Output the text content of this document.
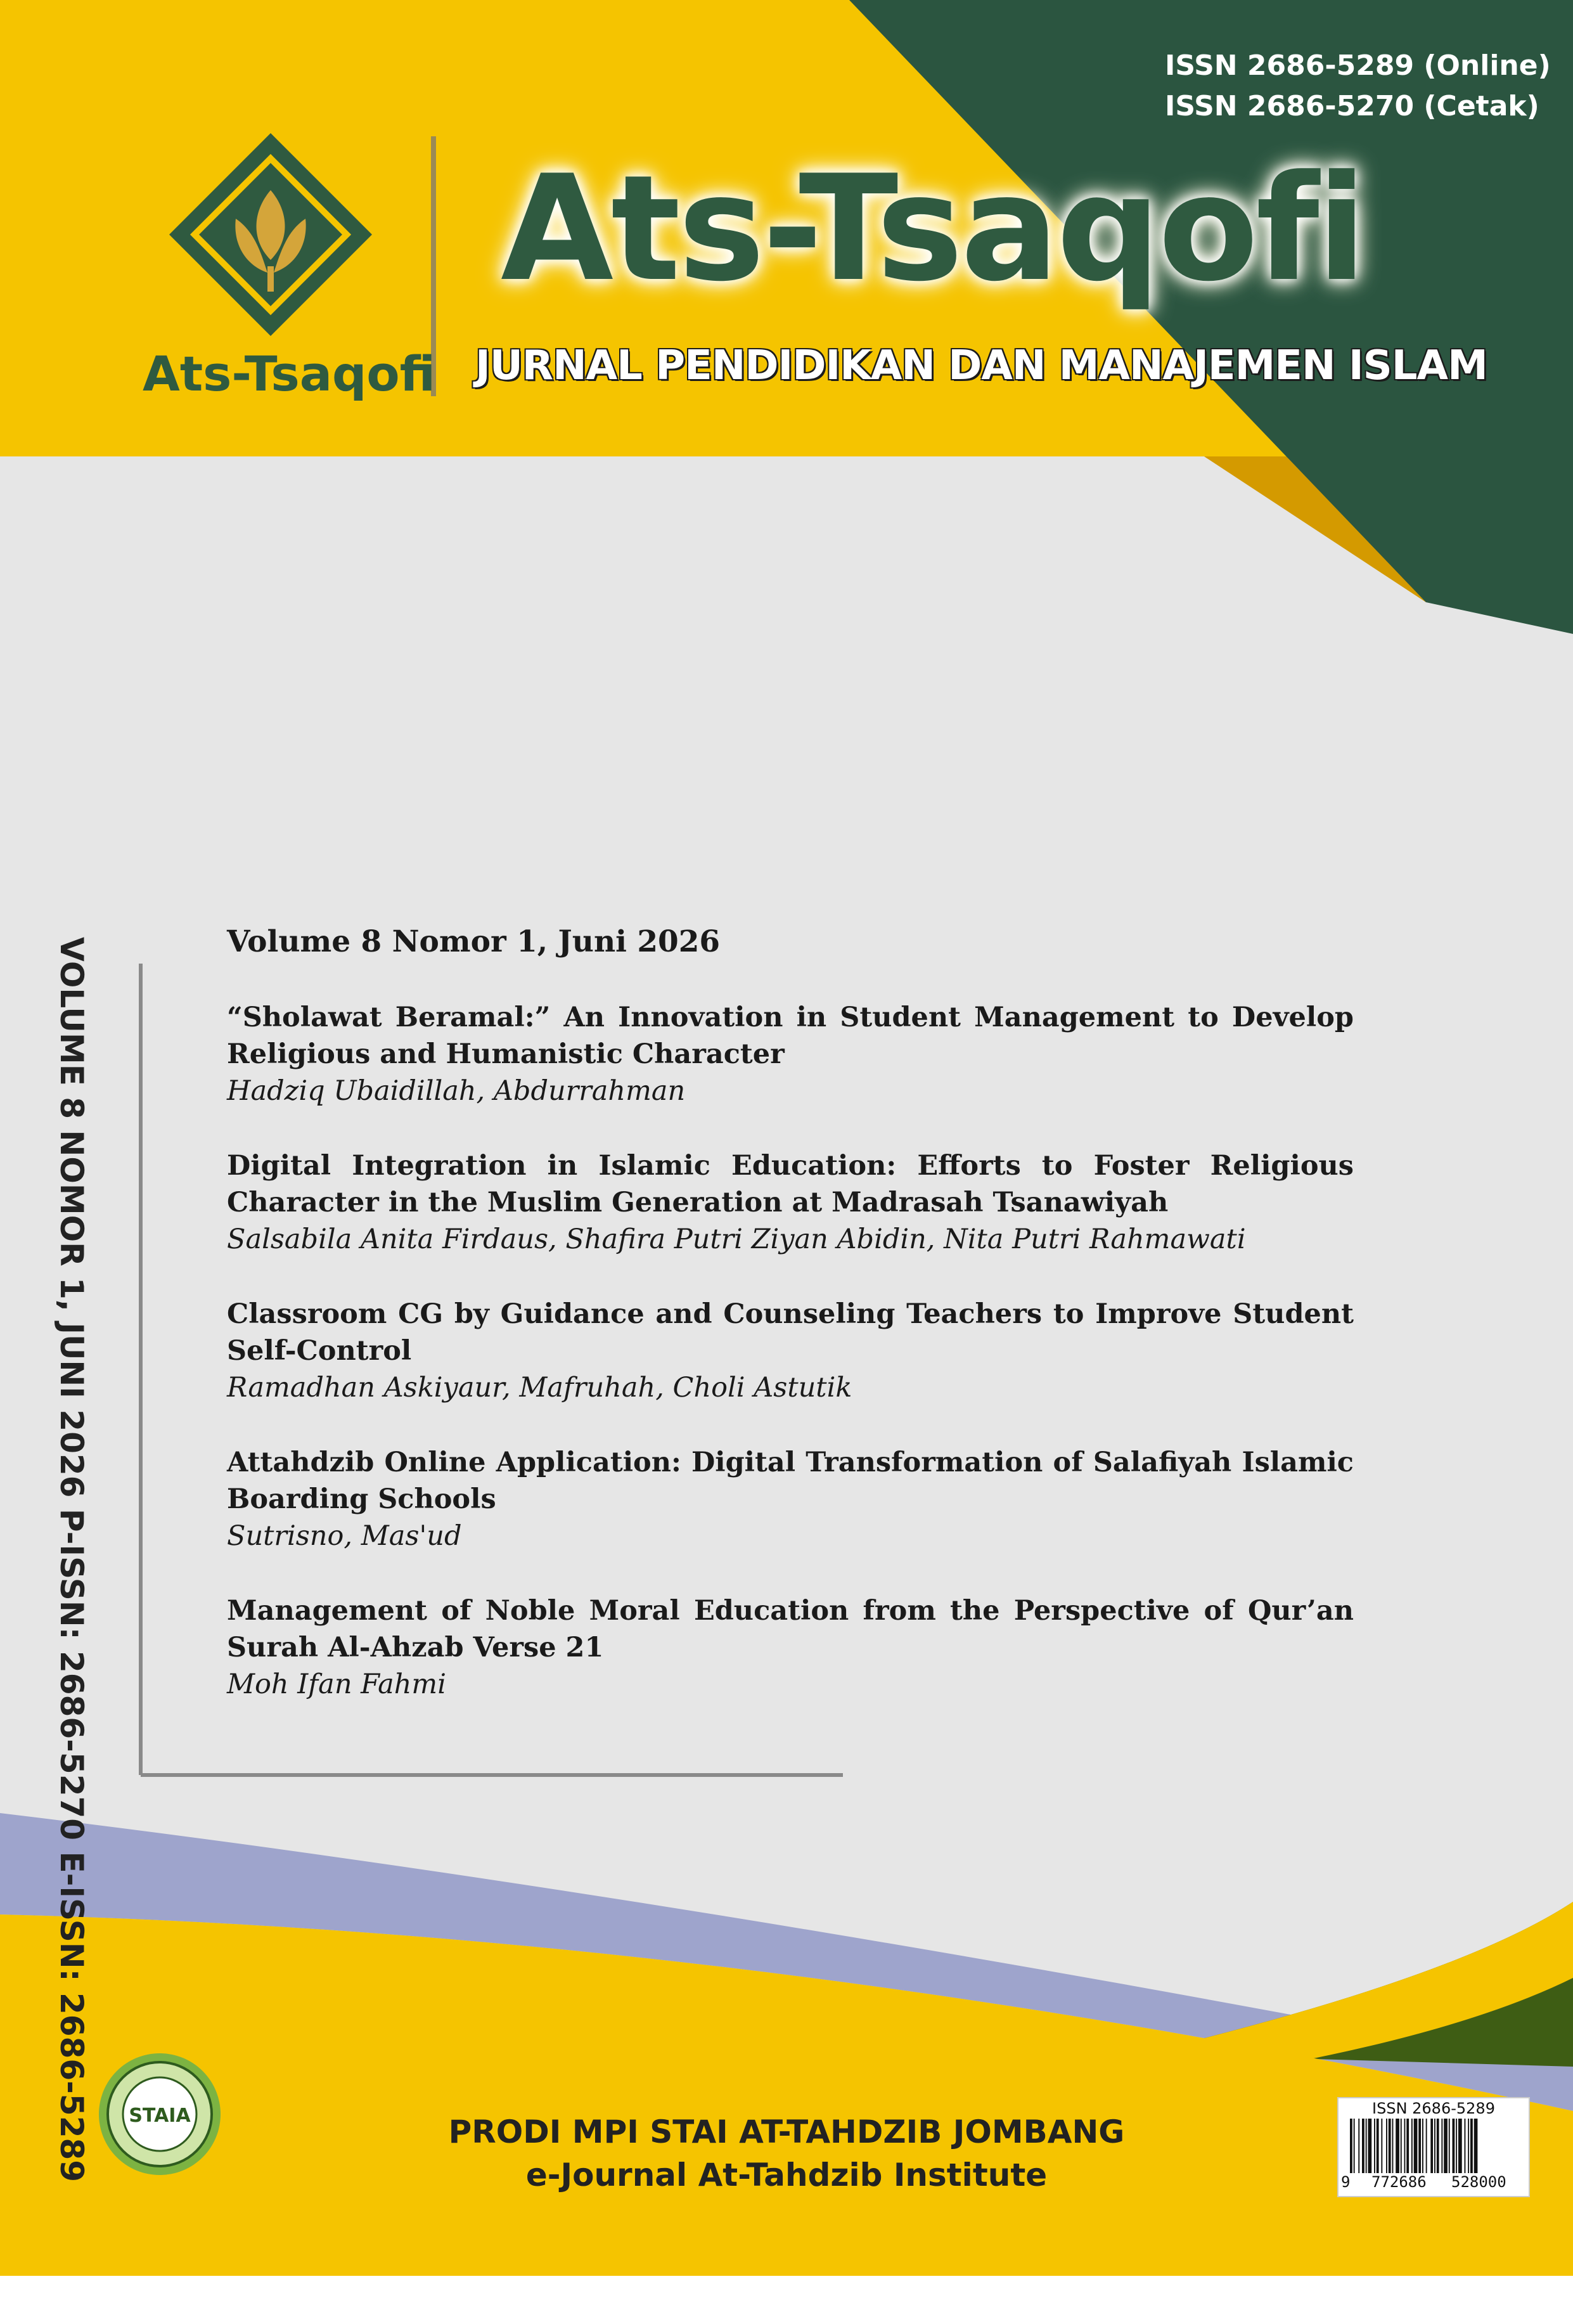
Ats-Tsaqofi
ISSN 2686-5289 (Online)
ISSN 2686-5270 (Cetak)
Ats-Tsaqofi
JURNAL PENDIDIKAN DAN MANAJEMEN ISLAM
VOLUME 8 NOMOR 1, JUNI 2026 P-ISSN: 2686-5270 E-ISSN: 2686-5289	Volume 8 Nomor 1, Juni 2026
“Sholawat Beramal:” An Innovation in Student Management to Develop Religious and Humanistic Character
Hadziq Ubaidillah, Abdurrahman
Digital Integration in Islamic Education: Efforts to Foster Religious Character in the Muslim Generation at Madrasah Tsanawiyah
Salsabila Anita Firdaus, Shafira Putri Ziyan Abidin, Nita Putri Rahmawati
Classroom CG by Guidance and Counseling Teachers to Improve Student Self-Control
Ramadhan Askiyaur, Mafruhah, Choli Astutik
Attahdzib Online Application: Digital Transformation of Salafiyah Islamic Boarding Schools
Sutrisno, Mas'ud
Management of Noble Moral Education from the Perspective of Qur’an Surah Al-Ahzab Verse 21
Moh Ifan Fahmi
STAIA	PRODI MPI STAI AT-TAHDZIB JOMBANG
e-Journal At-Tahdzib Institute
ISSN 2686-5289
9 772686 528000
